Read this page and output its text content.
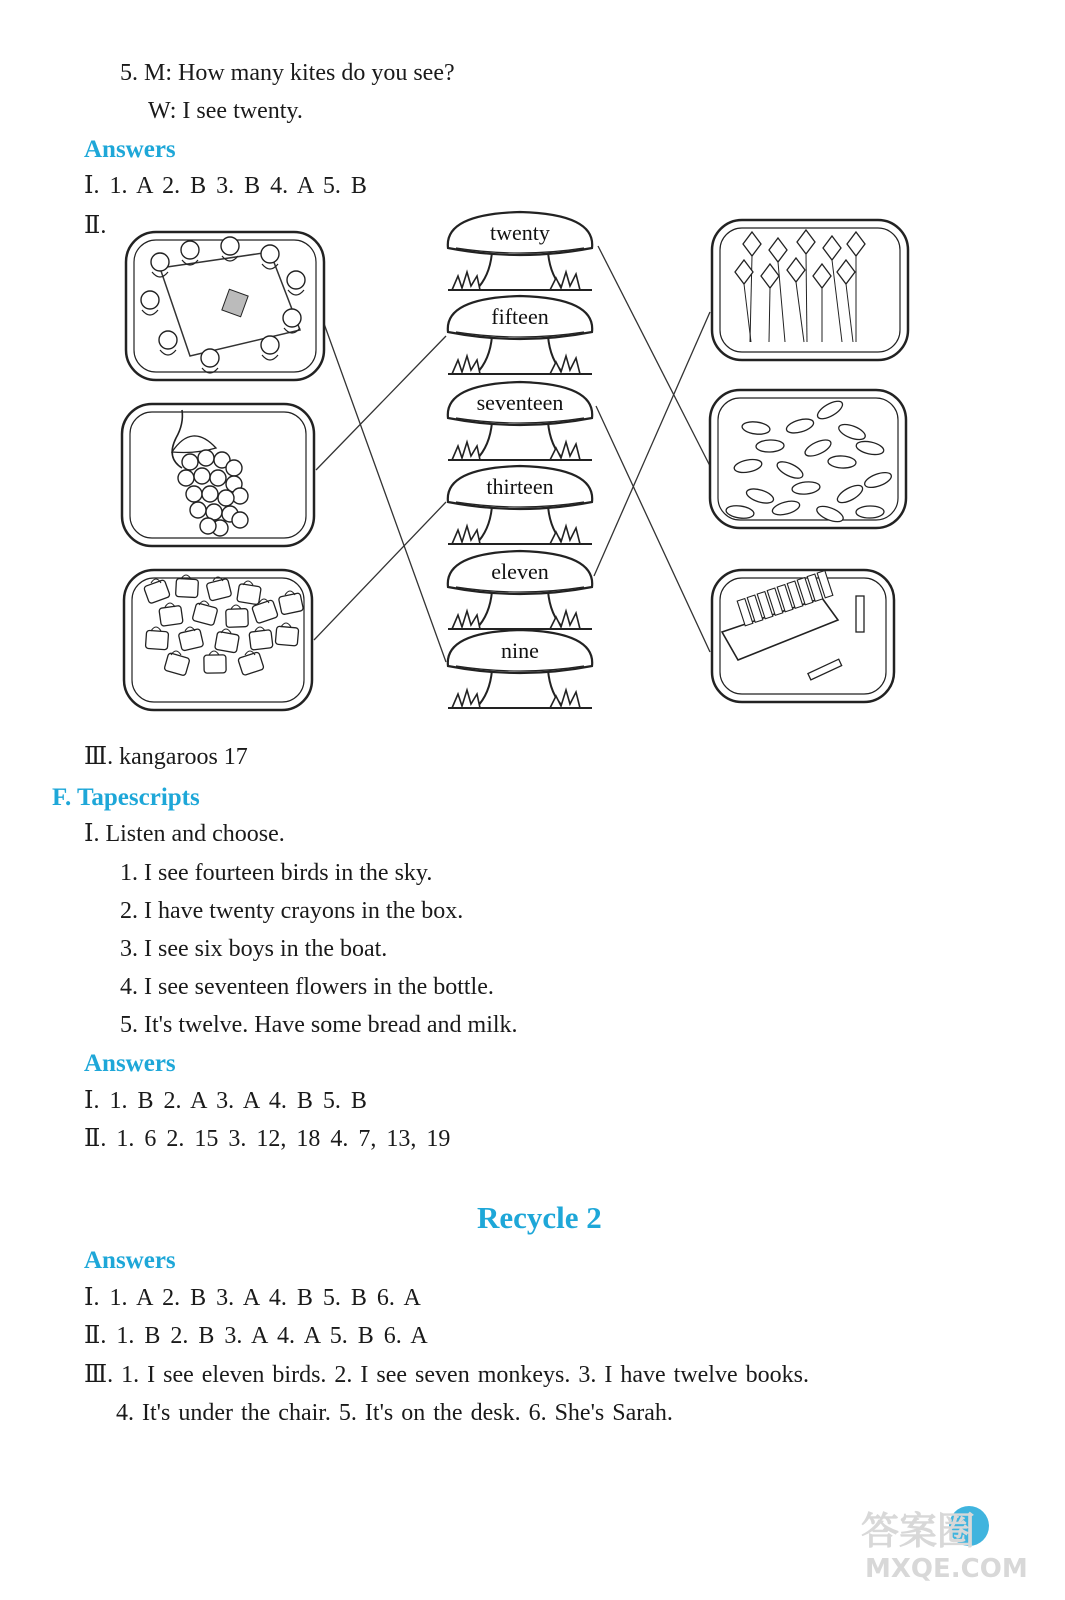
5. M: How many kites do you see?
W: I see twenty.
Answers
Ⅰ. 1. A 2. B 3. B 4. A 5. B
Ⅱ.	twenty
fifteen
seventeen
thirteen
eleven
nine
Ⅲ. kangaroos 17
F. Tapescripts
Ⅰ. Listen and choose.
1. I see fourteen birds in the sky.
2. I have twenty crayons in the box.
3. I see six boys in the boat.
4. I see seventeen flowers in the bottle.
5. It's twelve. Have some bread and milk.
Answers
Ⅰ. 1. B 2. A 3. A 4. B 5. B
Ⅱ. 1. 6 2. 15 3. 12, 18 4. 7, 13, 19
Recycle 2
Answers
Ⅰ. 1. A 2. B 3. A 4. B 5. B 6. A
Ⅱ. 1. B 2. B 3. A 4. A 5. B 6. A
Ⅲ. 1. I see eleven birds. 2. I see seven monkeys. 3. I have twelve books.
4. It's under the chair. 5. It's on the desk. 6. She's Sarah.
答案圈
MXQE.COM
